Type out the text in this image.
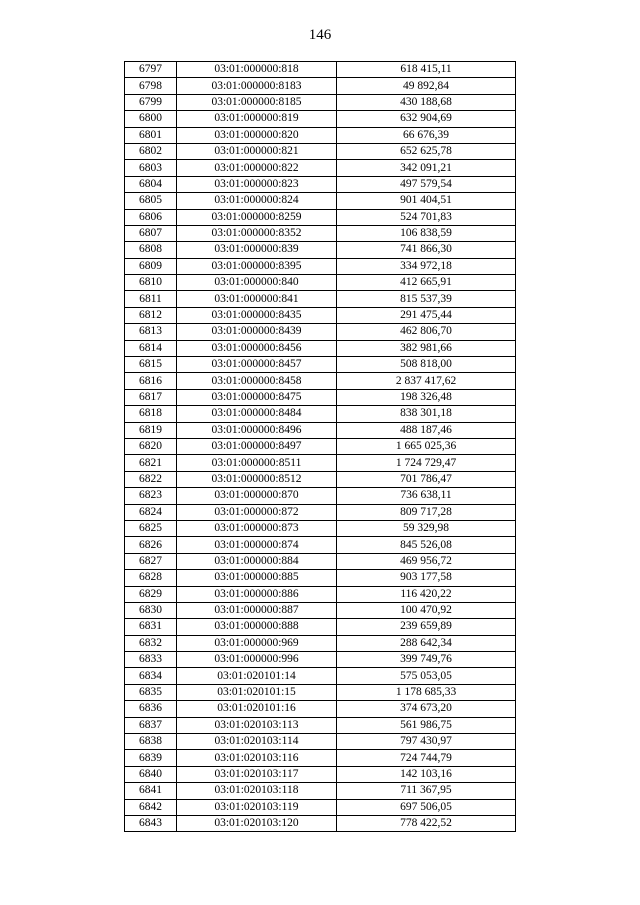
146
6797	03:01:000000:818	618 415,11
6798	03:01:000000:8183	49 892,84
6799	03:01:000000:8185	430 188,68
6800	03:01:000000:819	632 904,69
6801	03:01:000000:820	66 676,39
6802	03:01:000000:821	652 625,78
6803	03:01:000000:822	342 091,21
6804	03:01:000000:823	497 579,54
6805	03:01:000000:824	901 404,51
6806	03:01:000000:8259	524 701,83
6807	03:01:000000:8352	106 838,59
6808	03:01:000000:839	741 866,30
6809	03:01:000000:8395	334 972,18
6810	03:01:000000:840	412 665,91
6811	03:01:000000:841	815 537,39
6812	03:01:000000:8435	291 475,44
6813	03:01:000000:8439	462 806,70
6814	03:01:000000:8456	382 981,66
6815	03:01:000000:8457	508 818,00
6816	03:01:000000:8458	2 837 417,62
6817	03:01:000000:8475	198 326,48
6818	03:01:000000:8484	838 301,18
6819	03:01:000000:8496	488 187,46
6820	03:01:000000:8497	1 665 025,36
6821	03:01:000000:8511	1 724 729,47
6822	03:01:000000:8512	701 786,47
6823	03:01:000000:870	736 638,11
6824	03:01:000000:872	809 717,28
6825	03:01:000000:873	59 329,98
6826	03:01:000000:874	845 526,08
6827	03:01:000000:884	469 956,72
6828	03:01:000000:885	903 177,58
6829	03:01:000000:886	116 420,22
6830	03:01:000000:887	100 470,92
6831	03:01:000000:888	239 659,89
6832	03:01:000000:969	288 642,34
6833	03:01:000000:996	399 749,76
6834	03:01:020101:14	575 053,05
6835	03:01:020101:15	1 178 685,33
6836	03:01:020101:16	374 673,20
6837	03:01:020103:113	561 986,75
6838	03:01:020103:114	797 430,97
6839	03:01:020103:116	724 744,79
6840	03:01:020103:117	142 103,16
6841	03:01:020103:118	711 367,95
6842	03:01:020103:119	697 506,05
6843	03:01:020103:120	778 422,52
